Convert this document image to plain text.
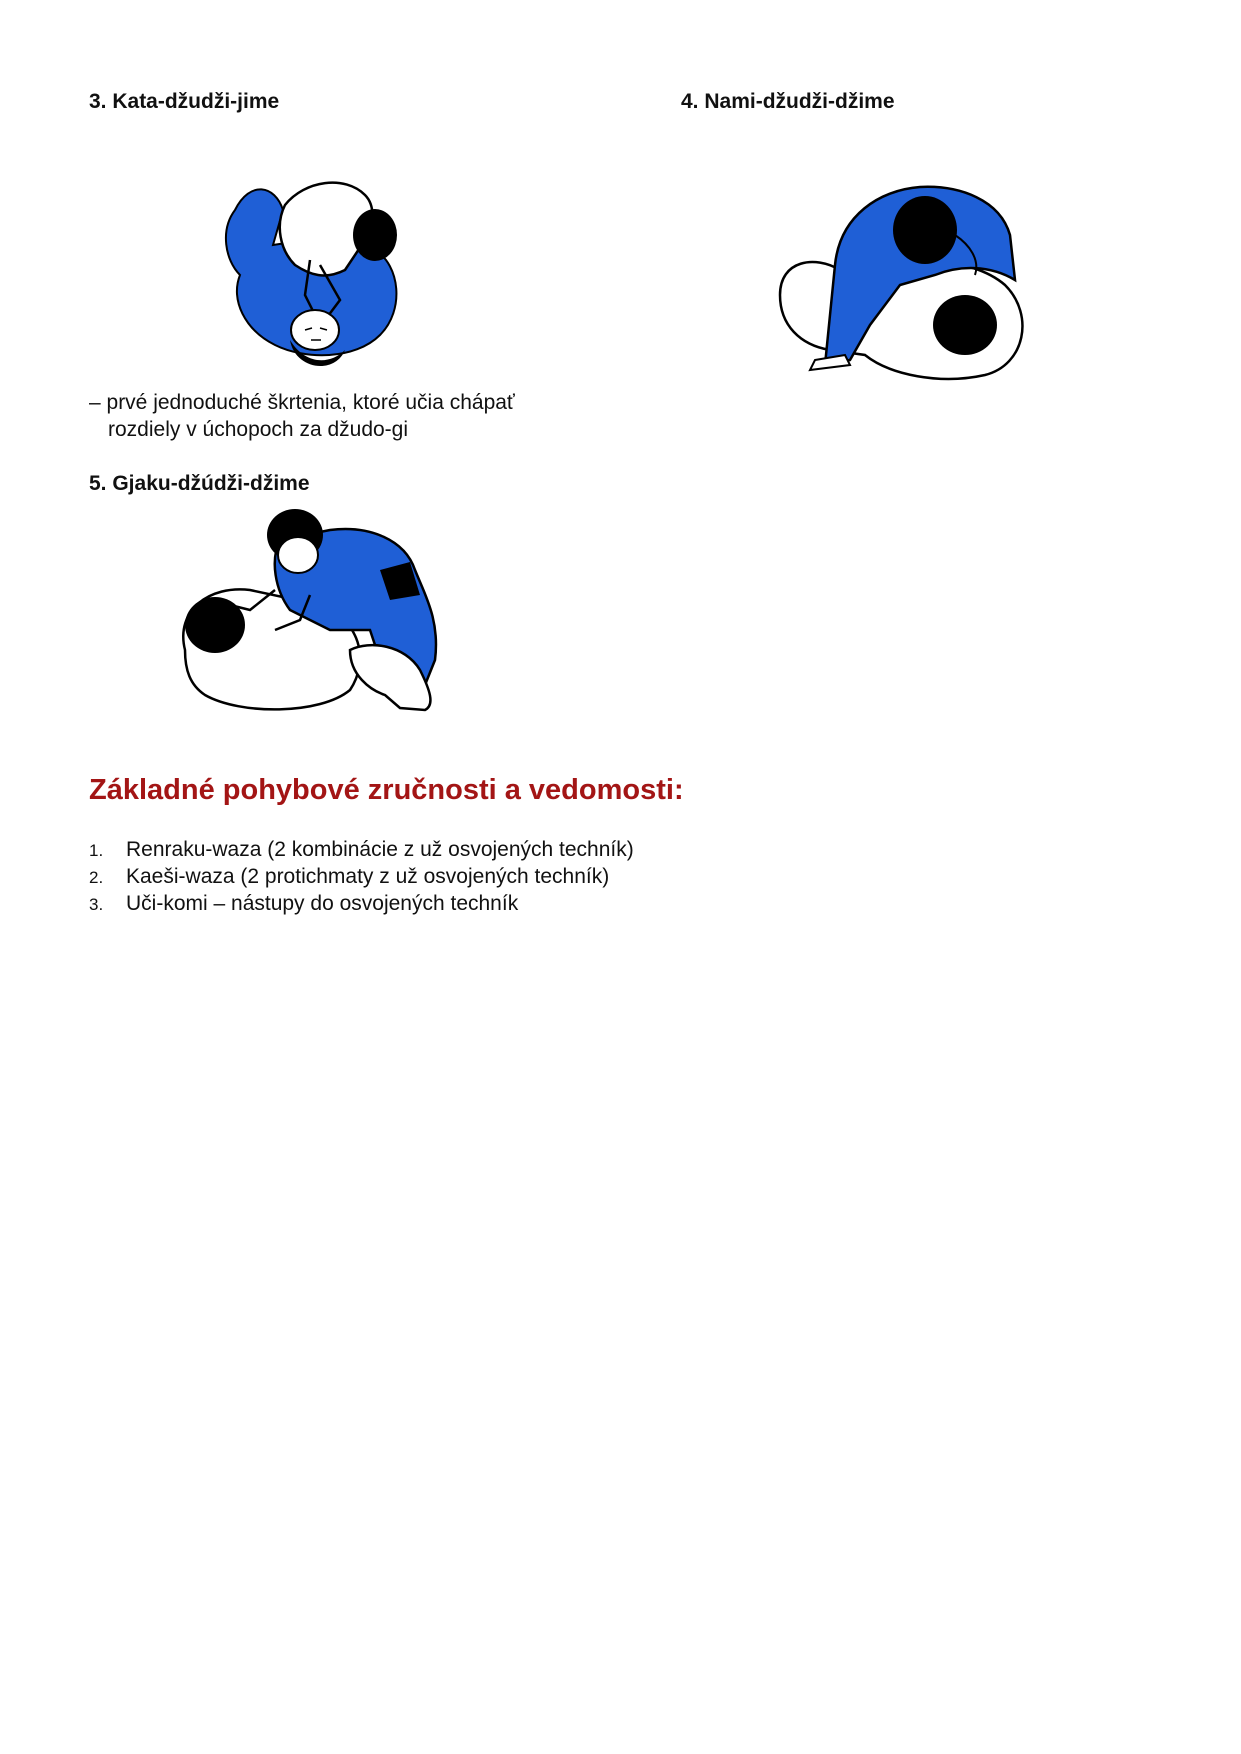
3. Kata-džudži-jime	4. Nami-džudži-džime
– prvé jednoduché škrtenia, ktoré učia chápať
rozdiely v úchopoch za džudo-gi
5. Gjaku-džúdži-džime
Základné pohybové zručnosti a vedomosti:
1. Renraku-waza (2 kombinácie z už osvojených techník)
2. Kaeši-waza (2 protichmaty z už osvojených techník)
3. Uči-komi – nástupy do osvojených techník
